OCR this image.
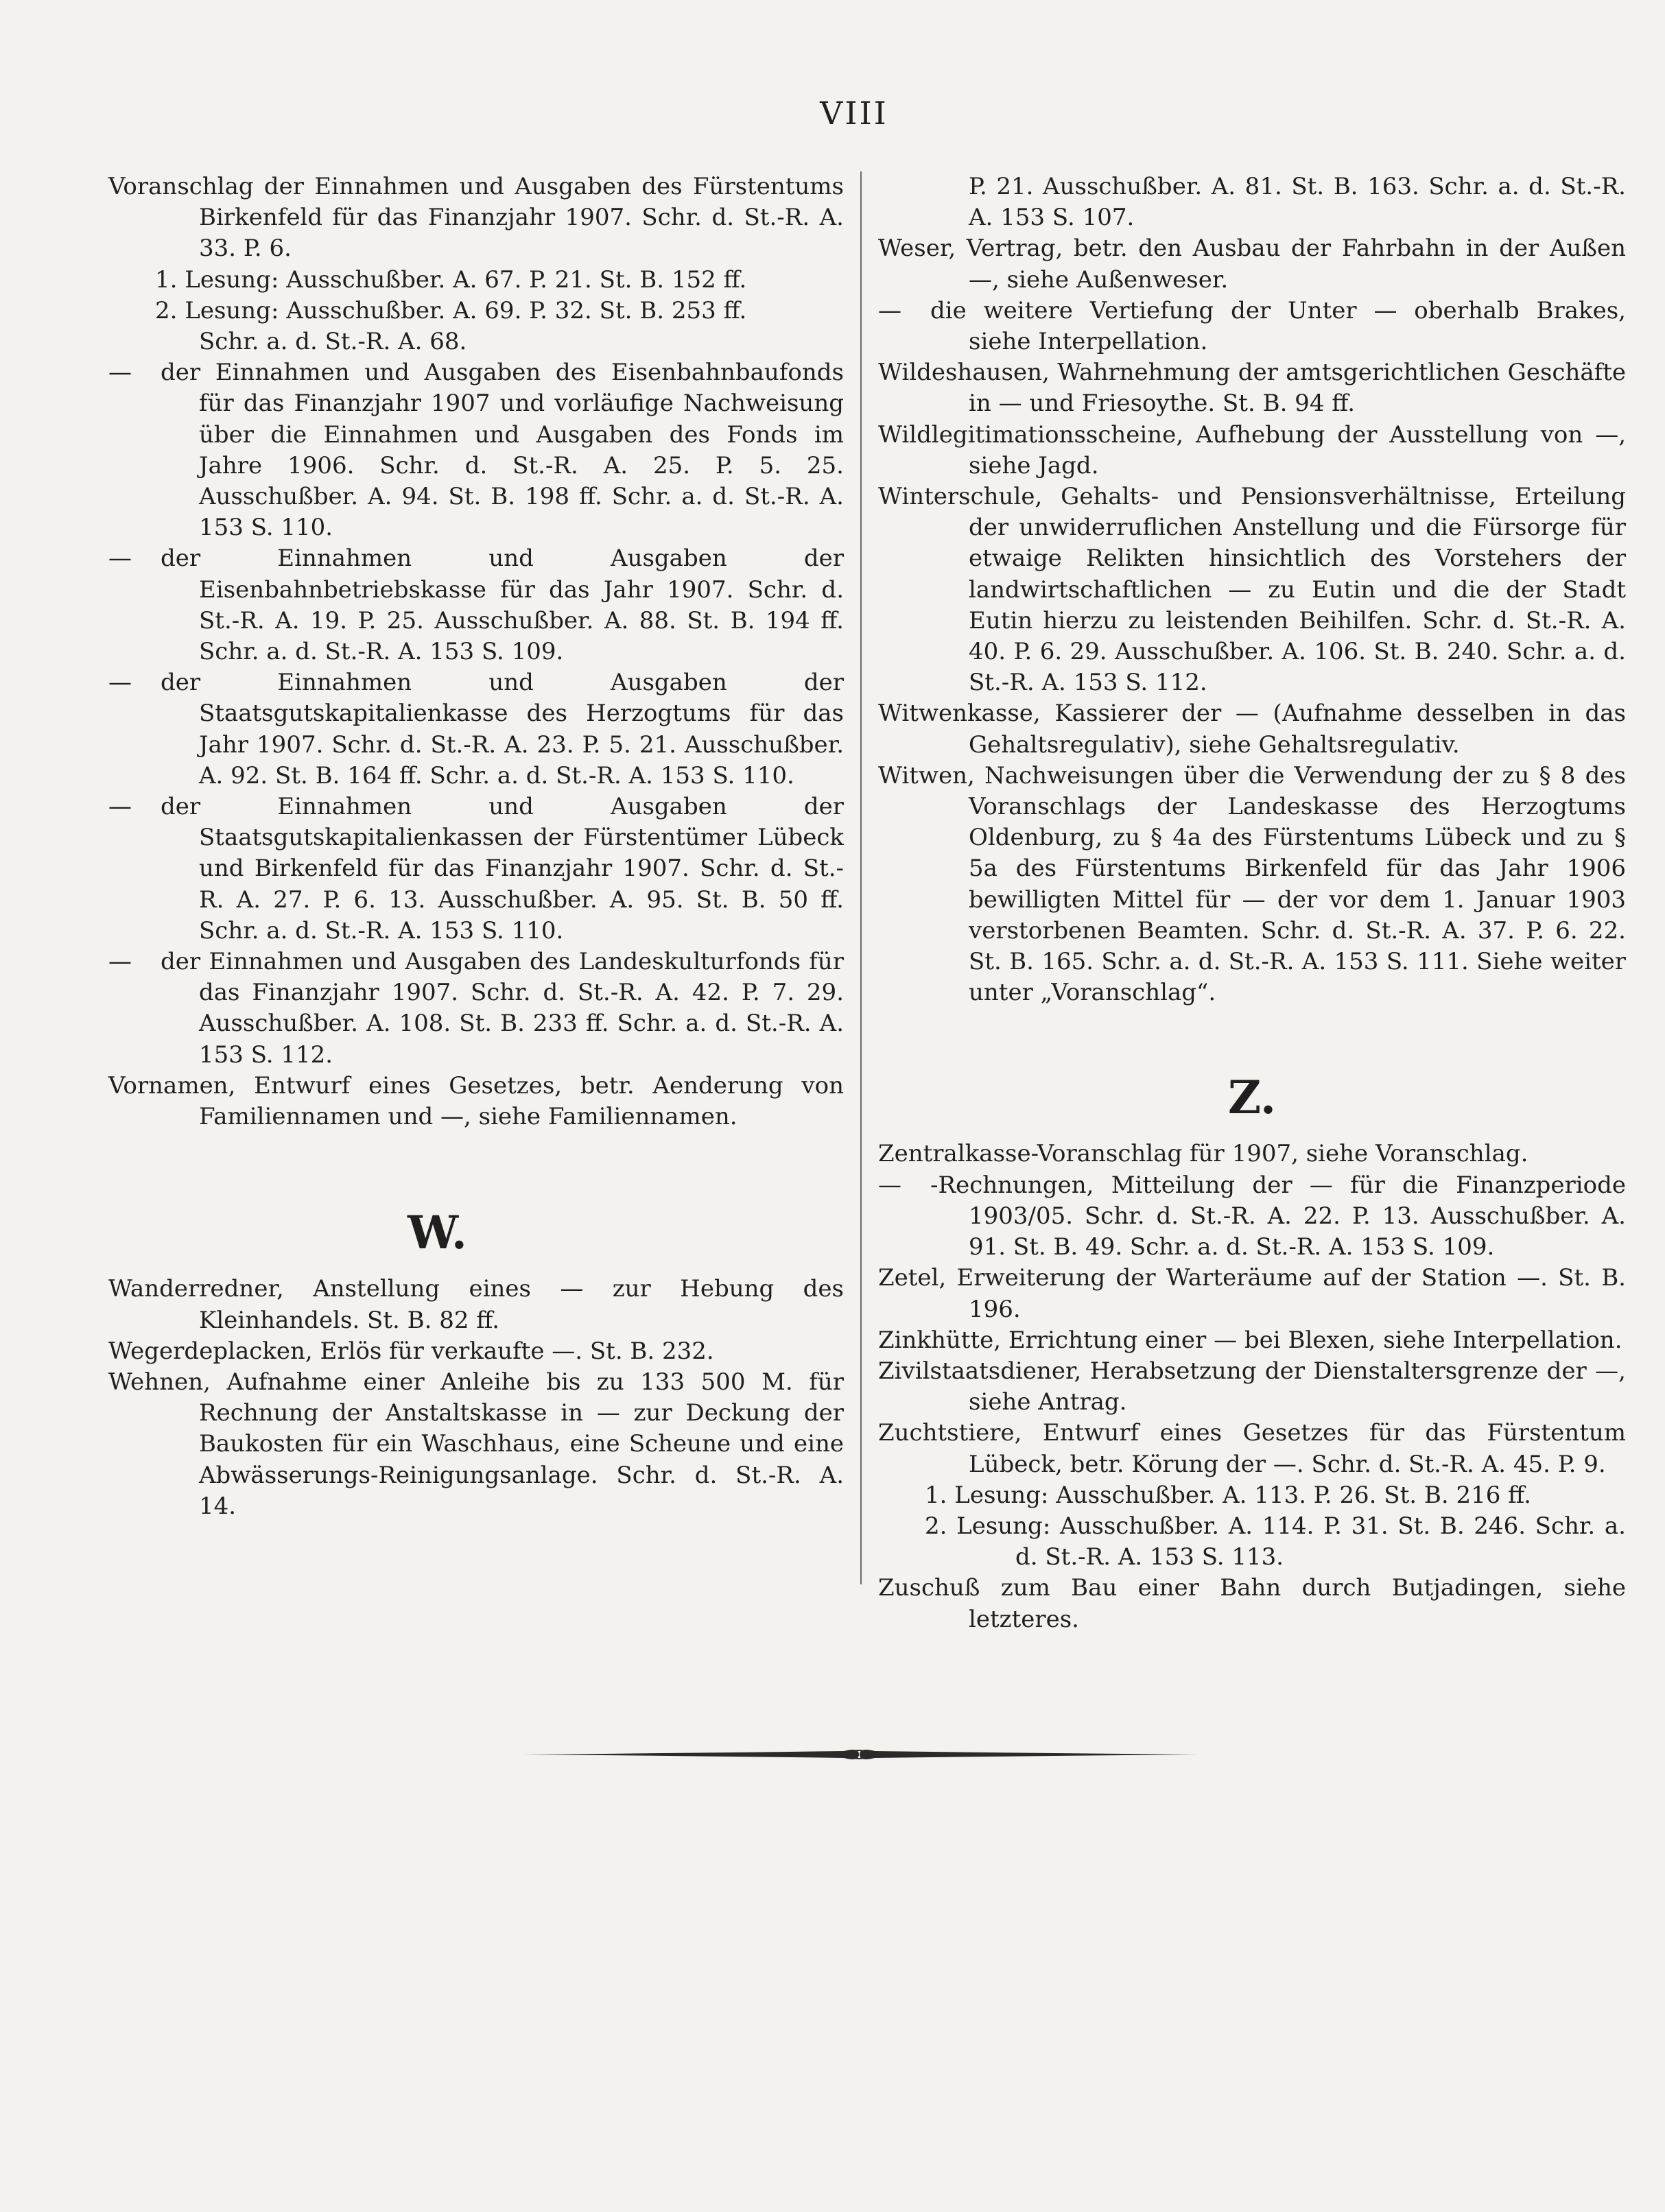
VIII

Voranschlag der Einnahmen und Ausgaben des Fürstentums Birkenfeld für das Finanzjahr 1907. Schr. d. St.-R. A. 33. P. 6.

1. Lesung: Ausschußber. A. 67. P. 21. St. B. 152 ff.

2. Lesung: Ausschußber. A. 69. P. 32. St. B. 253 ff.

Schr. a. d. St.-R. A. 68.

— der Einnahmen und Ausgaben des Eisenbahnbaufonds für das Finanzjahr 1907 und vorläufige Nachweisung über die Einnahmen und Ausgaben des Fonds im Jahre 1906. Schr. d. St.-R. A. 25. P. 5. 25. Ausschußber. A. 94. St. B. 198 ff. Schr. a. d. St.-R. A. 153 S. 110.

— der Einnahmen und Ausgaben der Eisenbahnbetriebskasse für das Jahr 1907. Schr. d. St.-R. A. 19. P. 25. Ausschußber. A. 88. St. B. 194 ff. Schr. a. d. St.-R. A. 153 S. 109.

— der Einnahmen und Ausgaben der Staatsgutskapitalienkasse des Herzogtums für das Jahr 1907. Schr. d. St.-R. A. 23. P. 5. 21. Ausschußber. A. 92. St. B. 164 ff. Schr. a. d. St.-R. A. 153 S. 110.

— der Einnahmen und Ausgaben der Staatsgutskapitalienkassen der Fürstentümer Lübeck und Birkenfeld für das Finanzjahr 1907. Schr. d. St.-R. A. 27. P. 6. 13. Ausschußber. A. 95. St. B. 50 ff. Schr. a. d. St.-R. A. 153 S. 110.

— der Einnahmen und Ausgaben des Landeskulturfonds für das Finanzjahr 1907. Schr. d. St.-R. A. 42. P. 7. 29. Ausschußber. A. 108. St. B. 233 ff. Schr. a. d. St.-R. A. 153 S. 112.

Vornamen, Entwurf eines Gesetzes, betr. Aenderung von Familiennamen und —, siehe Familiennamen.

W.

Wanderredner, Anstellung eines — zur Hebung des Kleinhandels. St. B. 82 ff.

Wegerdeplacken, Erlös für verkaufte —. St. B. 232.

Wehnen, Aufnahme einer Anleihe bis zu 133 500 M. für Rechnung der Anstaltskasse in — zur Deckung der Baukosten für ein Waschhaus, eine Scheune und eine Abwässerungs-Reinigungsanlage. Schr. d. St.-R. A. 14.

P. 21. Ausschußber. A. 81. St. B. 163. Schr. a. d. St.-R. A. 153 S. 107.

Weser, Vertrag, betr. den Ausbau der Fahrbahn in der Außen —, siehe Außenweser.

— die weitere Vertiefung der Unter — oberhalb Brakes, siehe Interpellation.

Wildeshausen, Wahrnehmung der amtsgerichtlichen Geschäfte in — und Friesoythe. St. B. 94 ff.

Wildlegitimationsscheine, Aufhebung der Ausstellung von —, siehe Jagd.

Winterschule, Gehalts- und Pensionsverhältnisse, Erteilung der unwiderruflichen Anstellung und die Fürsorge für etwaige Relikten hinsichtlich des Vorstehers der landwirtschaftlichen — zu Eutin und die der Stadt Eutin hierzu zu leistenden Beihilfen. Schr. d. St.-R. A. 40. P. 6. 29. Ausschußber. A. 106. St. B. 240. Schr. a. d. St.-R. A. 153 S. 112.

Witwenkasse, Kassierer der — (Aufnahme desselben in das Gehaltsregulativ), siehe Gehaltsregulativ.

Witwen, Nachweisungen über die Verwendung der zu § 8 des Voranschlags der Landeskasse des Herzogtums Oldenburg, zu § 4a des Fürstentums Lübeck und zu § 5a des Fürstentums Birkenfeld für das Jahr 1906 bewilligten Mittel für — der vor dem 1. Januar 1903 verstorbenen Beamten. Schr. d. St.-R. A. 37. P. 6. 22. St. B. 165. Schr. a. d. St.-R. A. 153 S. 111. Siehe weiter unter „Voranschlag“.

Z.

Zentralkasse-Voranschlag für 1907, siehe Voranschlag.

— -Rechnungen, Mitteilung der — für die Finanzperiode 1903/05. Schr. d. St.-R. A. 22. P. 13. Ausschußber. A. 91. St. B. 49. Schr. a. d. St.-R. A. 153 S. 109.

Zetel, Erweiterung der Warteräume auf der Station —. St. B. 196.

Zinkhütte, Errichtung einer — bei Blexen, siehe Interpellation.

Zivilstaatsdiener, Herabsetzung der Dienstaltersgrenze der —, siehe Antrag.

Zuchtstiere, Entwurf eines Gesetzes für das Fürstentum Lübeck, betr. Körung der —. Schr. d. St.-R. A. 45. P. 9.

1. Lesung: Ausschußber. A. 113. P. 26. St. B. 216 ff.

2. Lesung: Ausschußber. A. 114. P. 31. St. B. 246. Schr. a. d. St.-R. A. 153 S. 113.

Zuschuß zum Bau einer Bahn durch Butjadingen, siehe letzteres.
